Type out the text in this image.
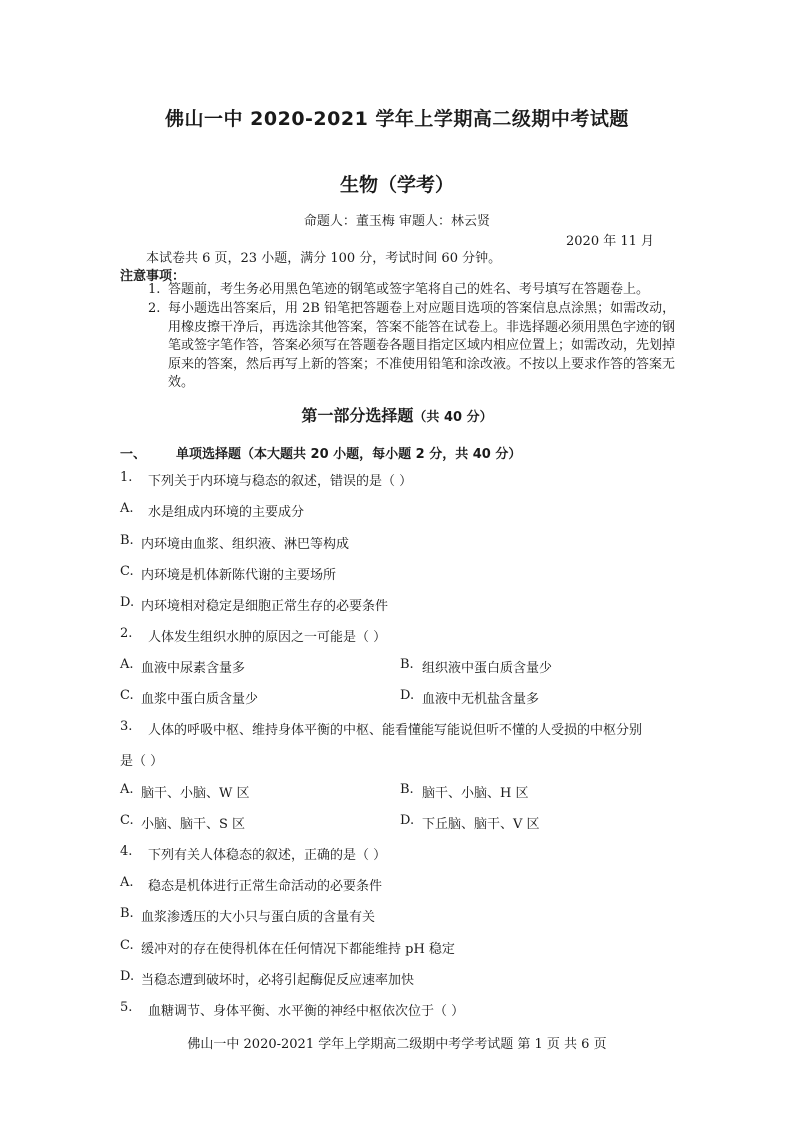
佛山一中 2020-2021 学年上学期高二级期中考试题
生物（学考）
命题人：董玉梅 审题人：林云贤
2020 年 11 月
本试卷共 6 页，23 小题，满分 100 分，考试时间 60 分钟。
注意事项：
1. 答题前，考生务必用黑色笔迹的钢笔或签字笔将自己的姓名、考号填写在答题卷上。
2. 每小题选出答案后，用 2B 铅笔把答题卷上对应题目选项的答案信息点涂黑；如需改动，用橡皮擦干净后，再选涂其他答案，答案不能答在试卷上。非选择题必须用黑色字迹的钢笔或签字笔作答，答案必须写在答题卷各题目指定区域内相应位置上；如需改动，先划掉原来的答案，然后再写上新的答案；不准使用铅笔和涂改液。不按以上要求作答的答案无效。
第一部分选择题（共 40 分）
一、 单项选择题（本大题共 20 小题，每小题 2 分，共 40 分）
1. 下列关于内环境与稳态的叙述，错误的是（ ）
A. 水是组成内环境的主要成分
B. 内环境由血浆、组织液、淋巴等构成
C. 内环境是机体新陈代谢的主要场所
D. 内环境相对稳定是细胞正常生存的必要条件
2. 人体发生组织水肿的原因之一可能是（ ）
A. 血液中尿素含量多	B. 组织液中蛋白质含量少
C. 血浆中蛋白质含量少	D. 血液中无机盐含量多
3. 人体的呼吸中枢、维持身体平衡的中枢、能看懂能写能说但听不懂的人受损的中枢分别
是（ ）
A. 脑干、小脑、W 区	B. 脑干、小脑、H 区
C. 小脑、脑干、S 区	D. 下丘脑、脑干、V 区
4. 下列有关人体稳态的叙述，正确的是（ ）
A. 稳态是机体进行正常生命活动的必要条件
B. 血浆渗透压的大小只与蛋白质的含量有关
C. 缓冲对的存在使得机体在任何情况下都能维持 pH 稳定
D. 当稳态遭到破坏时，必将引起酶促反应速率加快
5. 血糖调节、身体平衡、水平衡的神经中枢依次位于（ ）
佛山一中 2020-2021 学年上学期高二级期中考学考试题 第 1 页 共 6 页
